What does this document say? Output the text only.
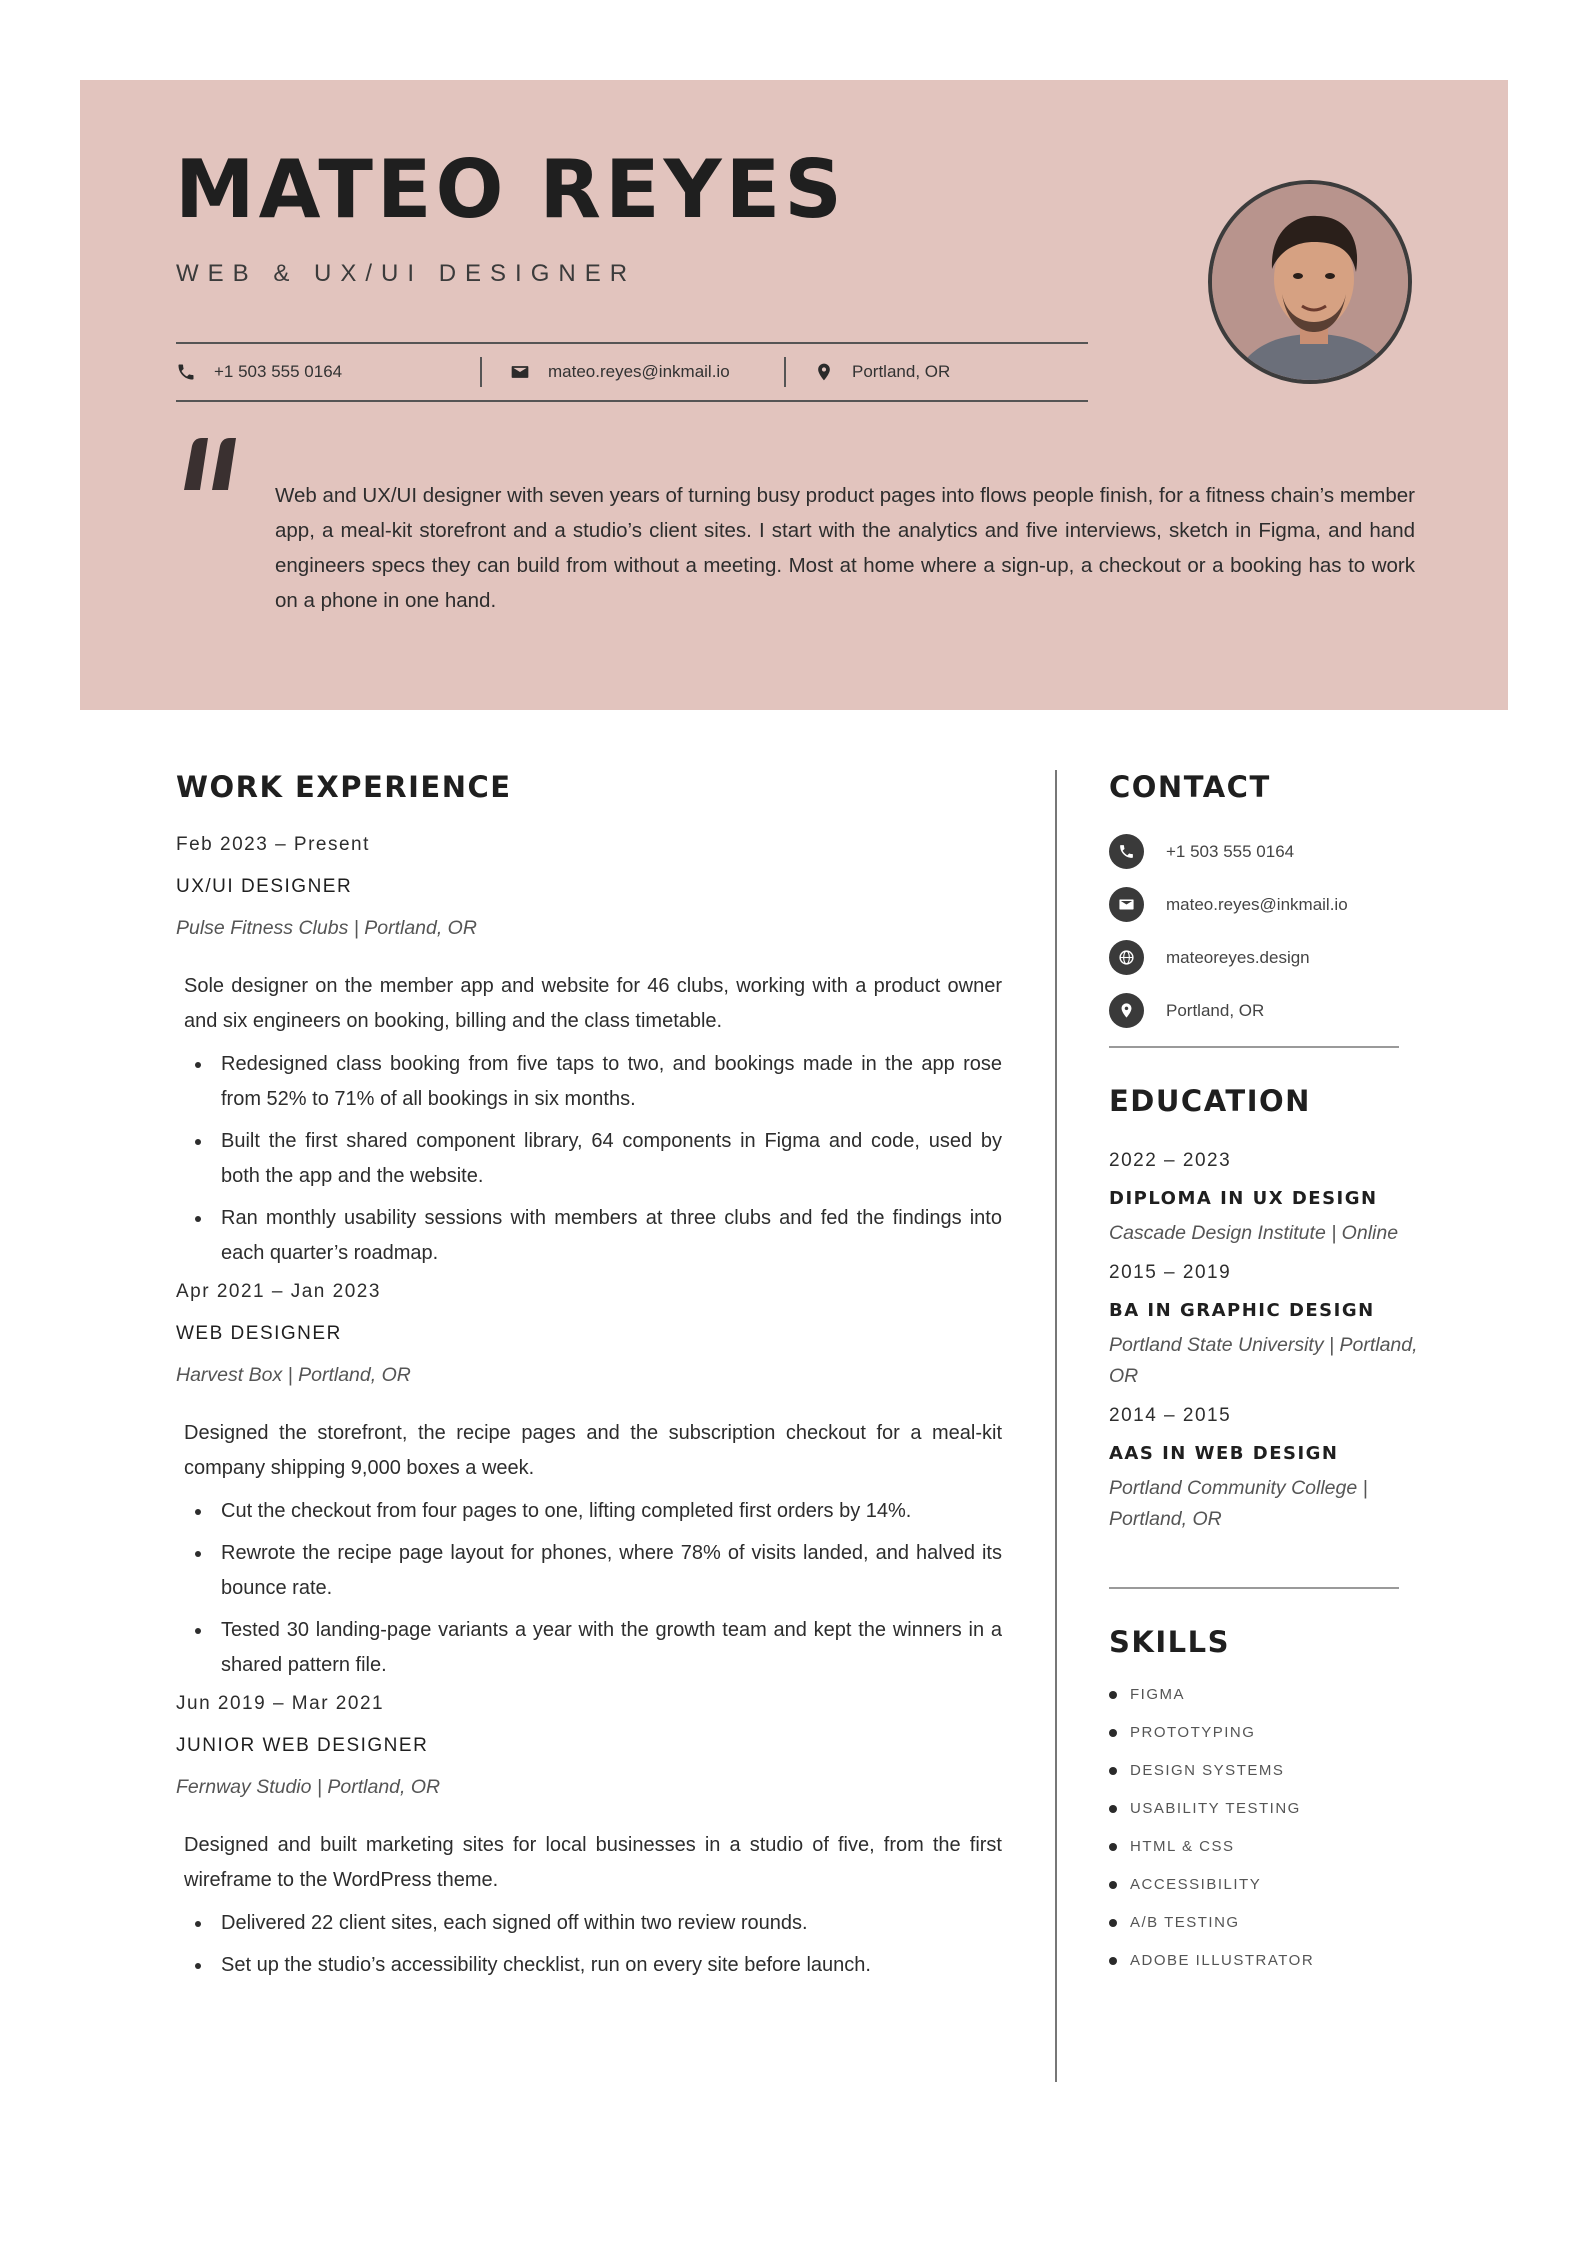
MATEO REYES
WEB & UX/UI DESIGNER
+1 503 555 0164	mateo.reyes@inkmail.io	Portland, OR
Web and UX/UI designer with seven years of turning busy product pages into flows people finish, for a fitness chain’s member app, a meal-kit storefront and a studio’s client sites. I start with the analytics and five interviews, sketch in Figma, and hand engineers specs they can build from without a meeting. Most at home where a sign-up, a checkout or a booking has to work on a phone in one hand.
WORK EXPERIENCE
Feb 2023 – Present
UX/UI DESIGNER
Pulse Fitness Clubs | Portland, OR
Sole designer on the member app and website for 46 clubs, working with a product owner and six engineers on booking, billing and the class timetable.
Redesigned class booking from five taps to two, and bookings made in the app rose from 52% to 71% of all bookings in six months.
Built the first shared component library, 64 components in Figma and code, used by both the app and the website.
Ran monthly usability sessions with members at three clubs and fed the findings into each quarter’s roadmap.
Apr 2021 – Jan 2023
WEB DESIGNER
Harvest Box | Portland, OR
Designed the storefront, the recipe pages and the subscription checkout for a meal-kit company shipping 9,000 boxes a week.
Cut the checkout from four pages to one, lifting completed first orders by 14%.
Rewrote the recipe page layout for phones, where 78% of visits landed, and halved its bounce rate.
Tested 30 landing-page variants a year with the growth team and kept the winners in a shared pattern file.
Jun 2019 – Mar 2021
JUNIOR WEB DESIGNER
Fernway Studio | Portland, OR
Designed and built marketing sites for local businesses in a studio of five, from the first wireframe to the WordPress theme.
Delivered 22 client sites, each signed off within two review rounds.
Set up the studio’s accessibility checklist, run on every site before launch.
CONTACT
+1 503 555 0164
mateo.reyes@inkmail.io
mateoreyes.design
Portland, OR
EDUCATION
2022 – 2023
DIPLOMA IN UX DESIGN
Cascade Design Institute | Online
2015 – 2019
BA IN GRAPHIC DESIGN
Portland State University | Portland, OR
2014 – 2015
AAS IN WEB DESIGN
Portland Community College | Portland, OR
SKILLS
FIGMA
PROTOTYPING
DESIGN SYSTEMS
USABILITY TESTING
HTML & CSS
ACCESSIBILITY
A/B TESTING
ADOBE ILLUSTRATOR
